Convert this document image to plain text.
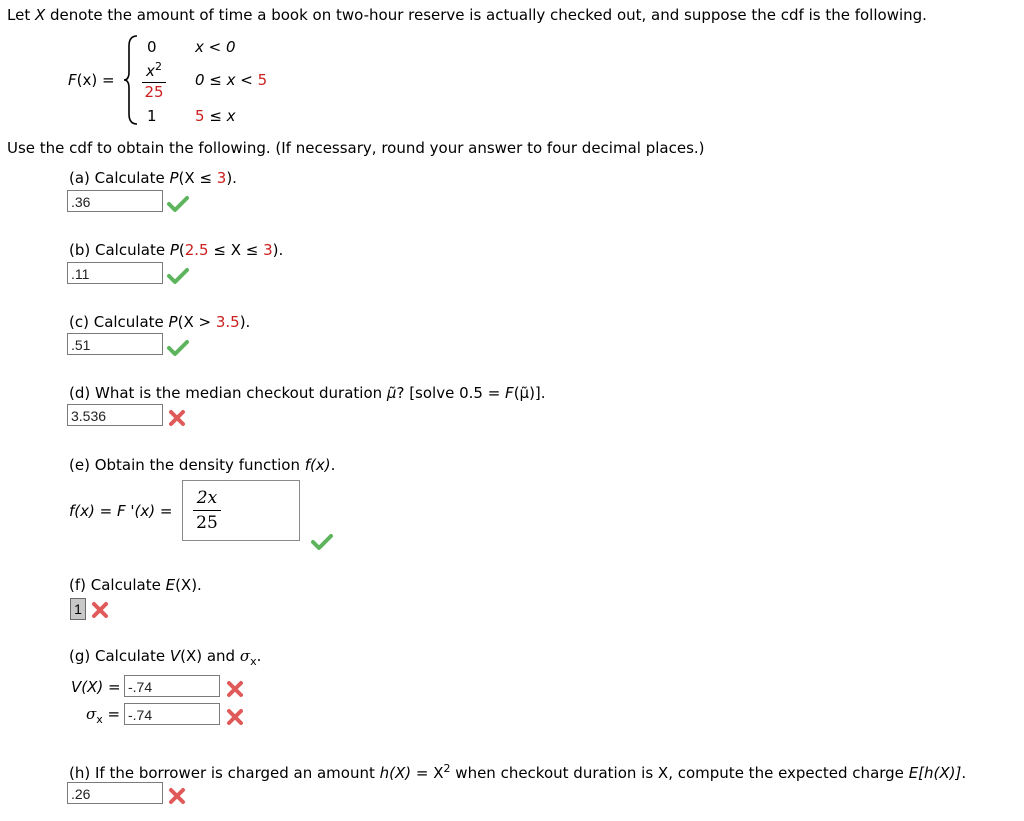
Let X denote the amount of time a book on two-hour reserve is actually checked out, and suppose the cdf is the following.
F(x) =
0	x < 0
$x^2$
25
0 ≤ x < 5
1	5 ≤ x
Use the cdf to obtain the following. (If necessary, round your answer to four decimal places.)
(a) Calculate P(X ≤ 3).
.36
(b) Calculate P(2.5 ≤ X ≤ 3).
.11
(c) Calculate P(X > 3.5).
.51
(d) What is the median checkout duration μ̃? [solve 0.5 = F(μ̃)].
3.536
(e) Obtain the density function f(x).
f(x) = F '(x) =
2x
25
(f) Calculate E(X).
1
(g) Calculate V(X) and $\sigma_x$.
V(X) = -.74
$\sigma_x = -.74$
(h) If the borrower is charged an amount $h(X) = X^2$ when checkout duration is X, compute the expected charge E[h(X)].
.26
